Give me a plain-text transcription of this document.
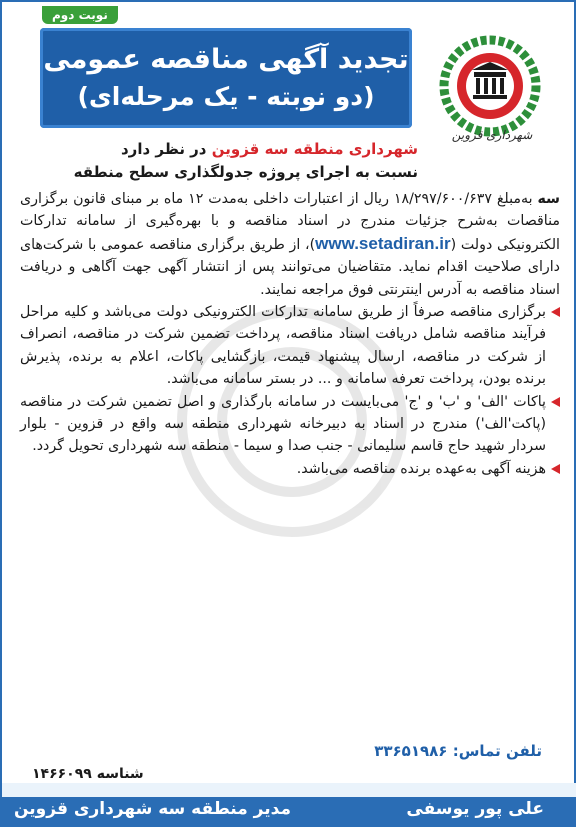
نوبت دوم
تجدید آگهی مناقصه عمومی
(دو نوبته - یک مرحله‌ای)
شهرداری قزوین
شهرداری منطقه سه قزوین در نظر دارد
نسبت به اجرای پروژه جدولگذاری سطح منطقه

سه به‌مبلغ ۱۸/۲۹۷/۶۰۰/۶۳۷ ریال از اعتبارات داخلی به‌مدت ۱۲ ماه بر مبنای قانون برگزاری مناقصات به‌شرح جزئیات مندرج در اسناد مناقصه و با بهره‌گیری از سامانه تدارکات الکترونیکی دولت (www.setadiran.ir)، از طریق برگزاری مناقصه عمومی با شرکت‌های دارای صلاحیت اقدام نماید. متقاضیان می‌توانند پس از انتشار آگهی جهت آگاهی و دریافت اسناد مناقصه به آدرس اینترنتی فوق مراجعه نمایند.

برگزاری مناقصه صرفاً از طریق سامانه تدارکات الکترونیکی دولت می‌باشد و کلیه مراحل فرآیند مناقصه شامل دریافت اسناد مناقصه، پرداخت تضمین شرکت در مناقصه، انصراف از شرکت در مناقصه، ارسال پیشنهاد قیمت، بازگشایی پاکات، اعلام به برنده، پذیرش برنده بودن، پرداخت تعرفه سامانه و ... در بستر سامانه می‌باشد.

پاکات 'الف' و 'ب' و 'ج' می‌بایست در سامانه بارگذاری و اصل تضمین شرکت در مناقصه (پاکت'الف') مندرج در اسناد به دبیرخانه شهرداری منطقه سه واقع در قزوین - بلوار سردار شهید حاج قاسم سلیمانی - جنب صدا و سیما - منطقه سه شهرداری تحویل گردد.

هزینه آگهی به‌عهده برنده مناقصه می‌باشد.

تلفن تماس: ۳۳۶۵۱۹۸۶
شناسه ۱۴۶۶۰۹۹
علی پور یوسفی
مدیر منطقه سه شهرداری قزوین
